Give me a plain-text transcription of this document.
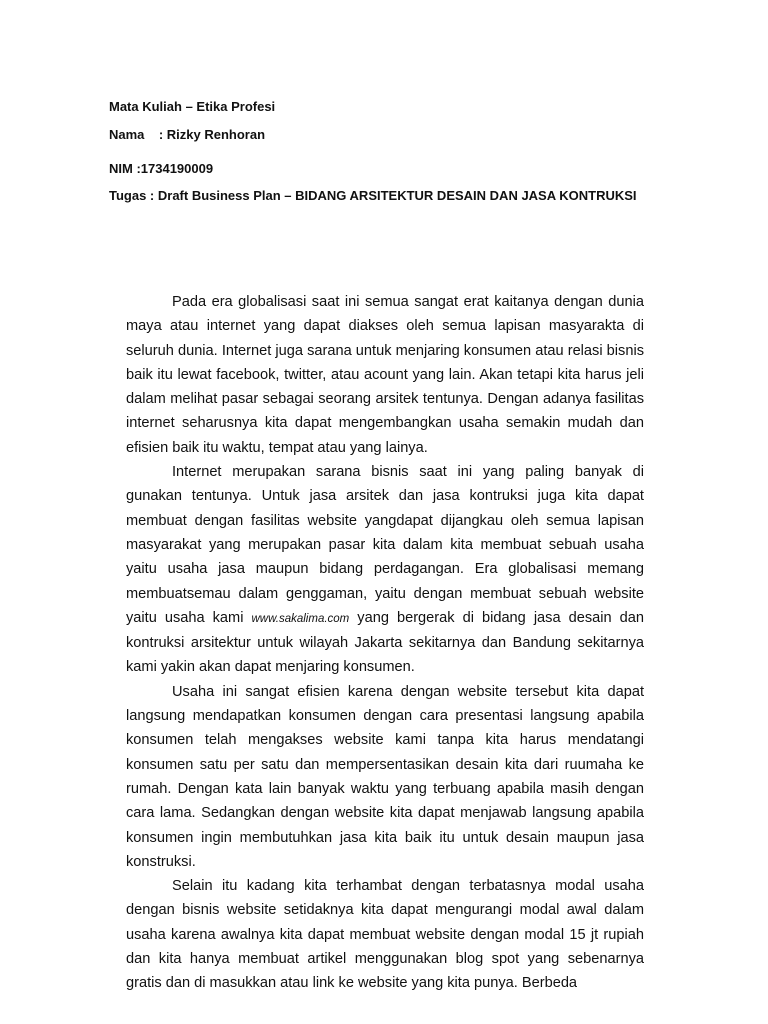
Mata Kuliah – Etika Profesi
Nama    : Rizky Renhoran
NIM :1734190009
Tugas : Draft Business Plan – BIDANG ARSITEKTUR DESAIN DAN JASA KONTRUKSI

Pada era globalisasi saat ini semua sangat erat kaitanya dengan dunia maya atau internet yang dapat diakses oleh semua lapisan masyarakta di seluruh dunia. Internet juga sarana untuk menjaring konsumen atau relasi bisnis baik itu lewat facebook, twitter, atau acount yang lain. Akan tetapi kita harus jeli dalam melihat pasar sebagai seorang arsitek tentunya. Dengan adanya fasilitas internet seharusnya kita dapat mengembangkan usaha semakin mudah dan efisien baik itu waktu, tempat atau yang lainya.

Internet merupakan sarana bisnis saat ini yang paling banyak di gunakan tentunya. Untuk jasa arsitek dan jasa kontruksi juga kita dapat membuat dengan fasilitas website yangdapat dijangkau oleh semua lapisan masyarakat yang merupakan pasar kita dalam kita membuat sebuah usaha yaitu usaha jasa maupun bidang perdagangan. Era globalisasi memang membuatsemau dalam genggaman, yaitu dengan membuat sebuah website yaitu usaha kami www.sakalima.com yang bergerak di bidang jasa desain dan kontruksi arsitektur untuk wilayah Jakarta sekitarnya dan Bandung sekitarnya kami yakin akan dapat menjaring konsumen.

Usaha ini sangat efisien karena dengan website tersebut kita dapat langsung mendapatkan konsumen dengan cara presentasi langsung apabila konsumen telah mengakses website kami tanpa kita harus mendatangi konsumen satu per satu dan mempersentasikan desain kita dari ruumaha ke rumah. Dengan kata lain banyak waktu yang terbuang apabila masih dengan cara lama. Sedangkan dengan website kita dapat menjawab langsung apabila konsumen ingin membutuhkan jasa kita baik itu untuk desain maupun jasa konstruksi.

Selain itu kadang kita terhambat dengan terbatasnya modal usaha dengan bisnis website setidaknya kita dapat mengurangi modal awal dalam usaha karena awalnya kita dapat membuat website dengan modal 15 jt rupiah dan kita hanya membuat artikel menggunakan blog spot yang sebenarnya gratis dan di masukkan atau link ke website yang kita punya. Berbeda
